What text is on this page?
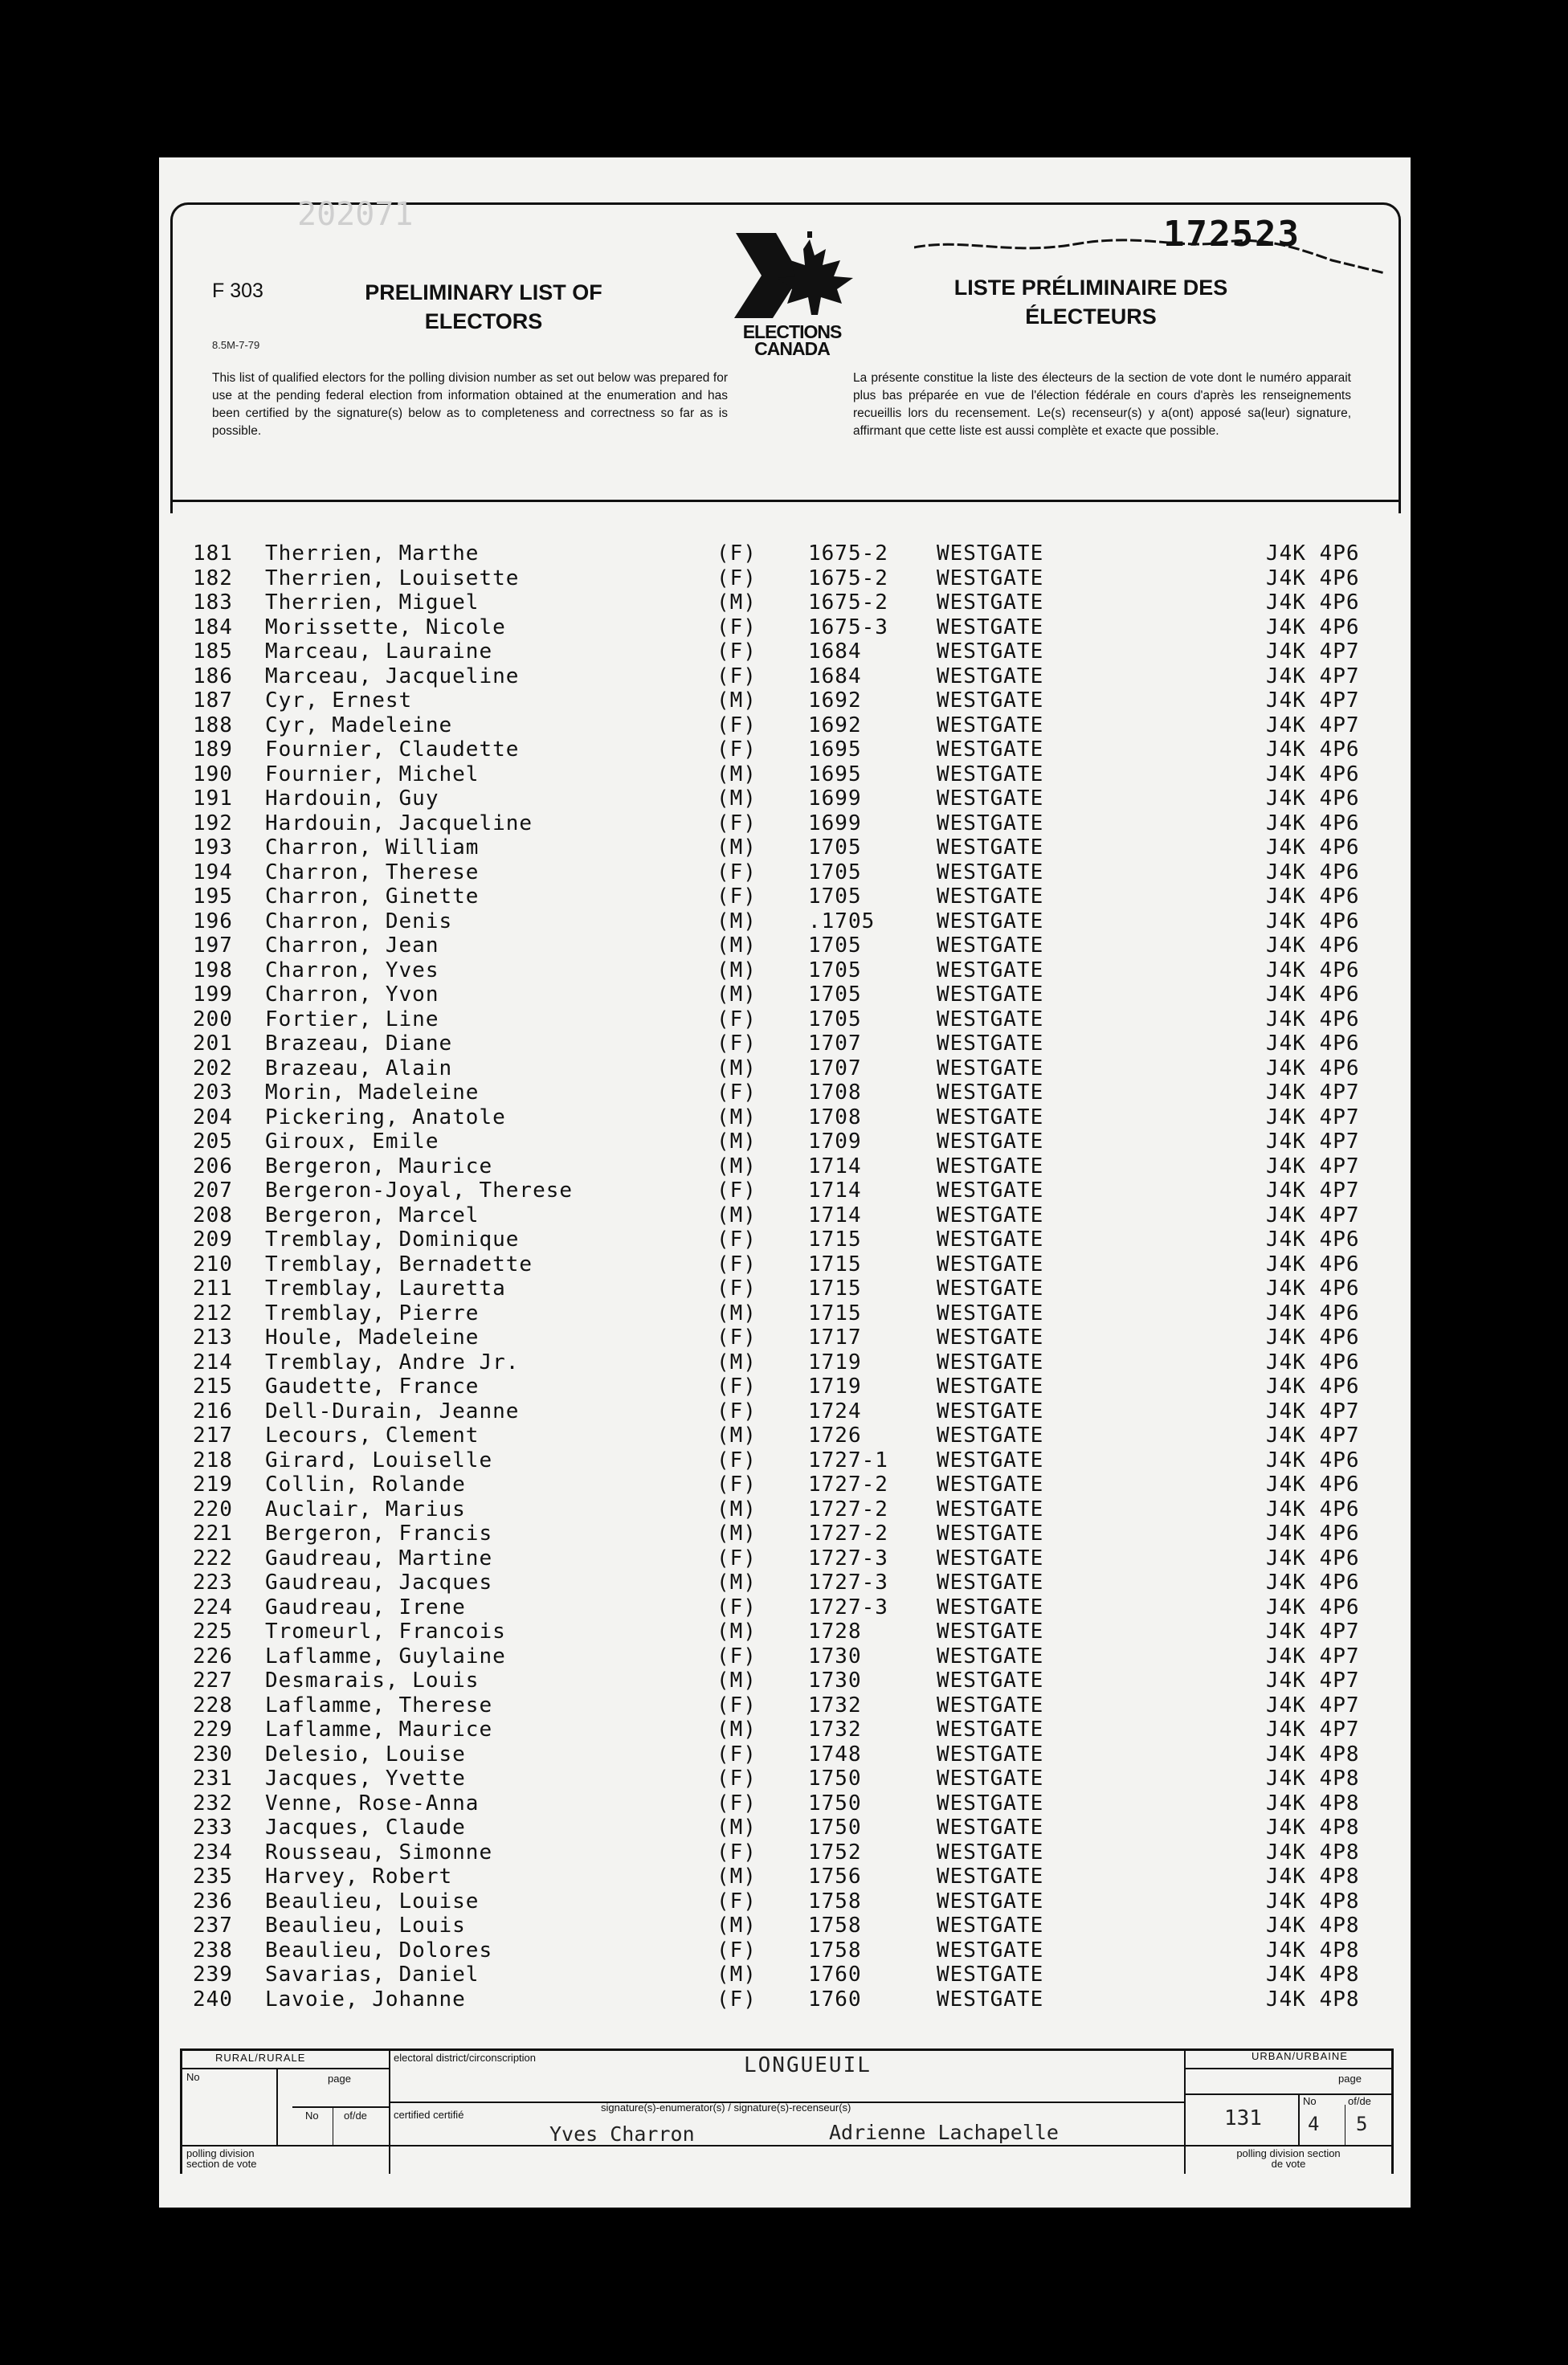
202071	172523
F 303
8.5M-7-79
PRELIMINARY LIST OF ELECTORS	ELECTIONS CANADA
LISTE PRÉLIMINAIRE DES ÉLECTEURS
This list of qualified electors for the polling division number as set out below was prepared for use at the pending federal election from information obtained at the enumeration and has been certified by the signature(s) below as to completeness and correctness so far as is possible.
La présente constitue la liste des électeurs de la section de vote dont le numéro apparait plus bas préparée en vue de l'élection fédérale en cours d'après les renseignements recueillis lors du recensement. Le(s) recenseur(s) y a(ont) apposé sa(leur) signature, affirmant que cette liste est aussi complète et exacte que possible.
181 Therrien, Marthe	(F) 1675-2 WESTGATE	J4K 4P6
182 Therrien, Louisette	(F) 1675-2 WESTGATE	J4K 4P6
183 Therrien, Miguel	(M) 1675-2 WESTGATE	J4K 4P6
184 Morissette, Nicole	(F) 1675-3 WESTGATE	J4K 4P6
185 Marceau, Lauraine	(F) 1684	WESTGATE	J4K 4P7
186 Marceau, Jacqueline	(F) 1684	WESTGATE	J4K 4P7
187 Cyr, Ernest	(M) 1692	WESTGATE	J4K 4P7
188 Cyr, Madeleine	(F) 1692	WESTGATE	J4K 4P7
189 Fournier, Claudette	(F) 1695	WESTGATE	J4K 4P6
190 Fournier, Michel	(M) 1695	WESTGATE	J4K 4P6
191 Hardouin, Guy	(M) 1699	WESTGATE	J4K 4P6
192 Hardouin, Jacqueline	(F) 1699	WESTGATE	J4K 4P6
193 Charron, William	(M) 1705	WESTGATE	J4K 4P6
194 Charron, Therese	(F) 1705	WESTGATE	J4K 4P6
195 Charron, Ginette	(F) 1705	WESTGATE	J4K 4P6
196 Charron, Denis	(M) .1705	WESTGATE	J4K 4P6
197 Charron, Jean	(M) 1705	WESTGATE	J4K 4P6
198 Charron, Yves	(M) 1705	WESTGATE	J4K 4P6
199 Charron, Yvon	(M) 1705	WESTGATE	J4K 4P6
200 Fortier, Line	(F) 1705	WESTGATE	J4K 4P6
201 Brazeau, Diane	(F) 1707	WESTGATE	J4K 4P6
202 Brazeau, Alain	(M) 1707	WESTGATE	J4K 4P6
203 Morin, Madeleine	(F) 1708	WESTGATE	J4K 4P7
204 Pickering, Anatole	(M) 1708	WESTGATE	J4K 4P7
205 Giroux, Emile	(M) 1709	WESTGATE	J4K 4P7
206 Bergeron, Maurice	(M) 1714	WESTGATE	J4K 4P7
207 Bergeron-Joyal, Therese	(F) 1714	WESTGATE	J4K 4P7
208 Bergeron, Marcel	(M) 1714	WESTGATE	J4K 4P7
209 Tremblay, Dominique	(F) 1715	WESTGATE	J4K 4P6
210 Tremblay, Bernadette	(F) 1715	WESTGATE	J4K 4P6
211 Tremblay, Lauretta	(F) 1715	WESTGATE	J4K 4P6
212 Tremblay, Pierre	(M) 1715	WESTGATE	J4K 4P6
213 Houle, Madeleine	(F) 1717	WESTGATE	J4K 4P6
214 Tremblay, Andre Jr.	(M) 1719	WESTGATE	J4K 4P6
215 Gaudette, France	(F) 1719	WESTGATE	J4K 4P6
216 Dell-Durain, Jeanne	(F) 1724	WESTGATE	J4K 4P7
217 Lecours, Clement	(M) 1726	WESTGATE	J4K 4P7
218 Girard, Louiselle	(F) 1727-1 WESTGATE	J4K 4P6
219 Collin, Rolande	(F) 1727-2 WESTGATE	J4K 4P6
220 Auclair, Marius	(M) 1727-2 WESTGATE	J4K 4P6
221 Bergeron, Francis	(M) 1727-2 WESTGATE	J4K 4P6
222 Gaudreau, Martine	(F) 1727-3 WESTGATE	J4K 4P6
223 Gaudreau, Jacques	(M) 1727-3 WESTGATE	J4K 4P6
224 Gaudreau, Irene	(F) 1727-3 WESTGATE	J4K 4P6
225 Tromeurl, Francois	(M) 1728	WESTGATE	J4K 4P7
226 Laflamme, Guylaine	(F) 1730	WESTGATE	J4K 4P7
227 Desmarais, Louis	(M) 1730	WESTGATE	J4K 4P7
228 Laflamme, Therese	(F) 1732	WESTGATE	J4K 4P7
229 Laflamme, Maurice	(M) 1732	WESTGATE	J4K 4P7
230 Delesio, Louise	(F) 1748	WESTGATE	J4K 4P8
231 Jacques, Yvette	(F) 1750	WESTGATE	J4K 4P8
232 Venne, Rose-Anna	(F) 1750	WESTGATE	J4K 4P8
233 Jacques, Claude	(M) 1750	WESTGATE	J4K 4P8
234 Rousseau, Simonne	(F) 1752	WESTGATE	J4K 4P8
235 Harvey, Robert	(M) 1756	WESTGATE	J4K 4P8
236 Beaulieu, Louise	(F) 1758	WESTGATE	J4K 4P8
237 Beaulieu, Louis	(M) 1758	WESTGATE	J4K 4P8
238 Beaulieu, Dolores	(F) 1758	WESTGATE	J4K 4P8
239 Savarias, Daniel	(M) 1760	WESTGATE	J4K 4P8
240 Lavoie, Johanne	(F) 1760	WESTGATE	J4K 4P8
RURAL/RURALE	URBAN/URBAINE
electoral district/circonscription	LONGUEUIL
No	page
No of/de
polling division section de vote
certified certifié
signature(s)-enumerator(s) / signature(s)-recenseur(s)
Yves Charron	Adrienne Lachapelle
page
131
No	of/de
4 5
polling division section de vote
